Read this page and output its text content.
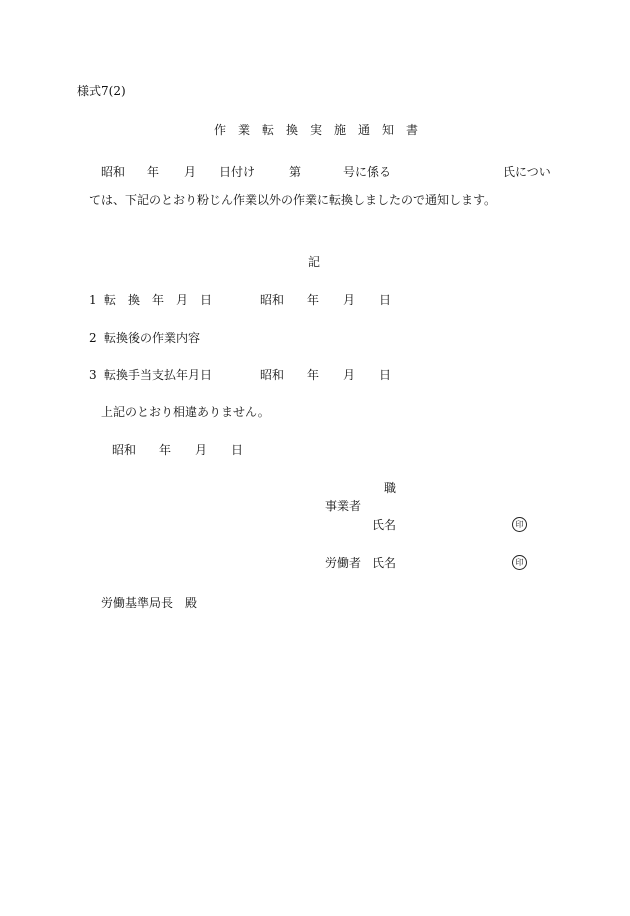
様式7(2)
作　業　転　換　実　施　通　知　書
昭和 年 月 日付け	第	号に係る	氏につい
ては、下記のとおり粉じん作業以外の作業に転換しましたので通知します。
記
1 転　換　年　月　日	昭和 年 月 日
2 転換後の作業内容
3 転換手当支払年月日	昭和 年 月 日
上記のとおり相違ありません。
昭和 年 月 日
職
事業者
氏名	印
労働者 氏名	印
労働基準局長　殿
